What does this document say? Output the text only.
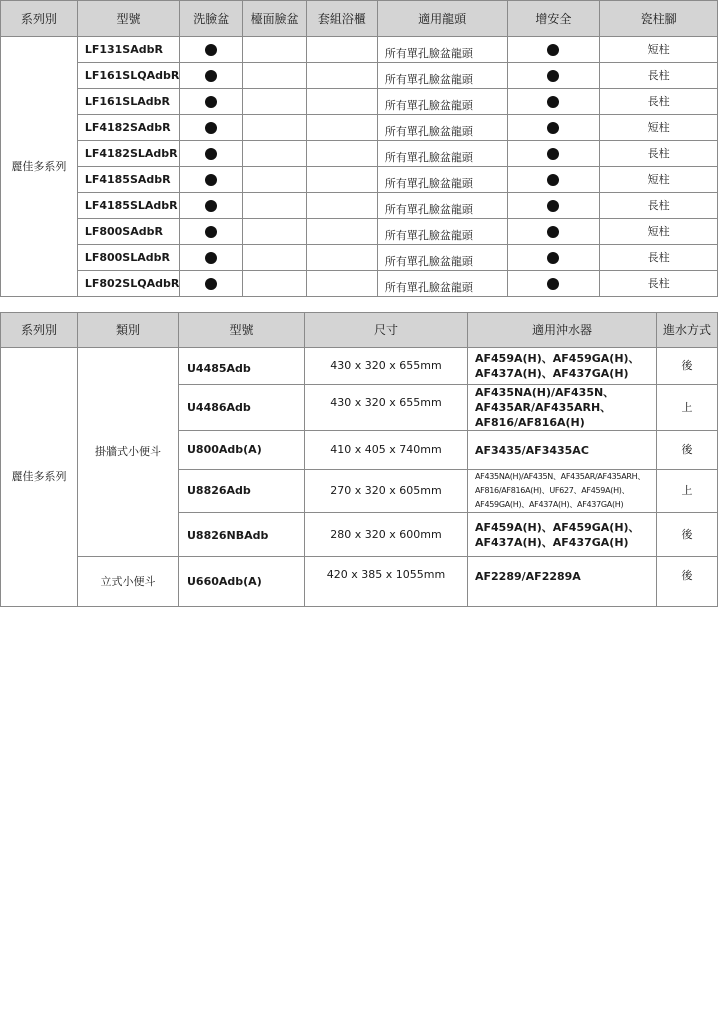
系列別	型號	洗臉盆	檯面臉盆	套組浴櫃	適用龍頭	增安全	瓷柱腳
麗佳多系列	LF131SAdbR				所有單孔臉盆龍頭		短柱
	LF161SLQAdbR				所有單孔臉盆龍頭		長柱
	LF161SLAdbR				所有單孔臉盆龍頭		長柱
	LF4182SAdbR				所有單孔臉盆龍頭		短柱
	LF4182SLAdbR				所有單孔臉盆龍頭		長柱
	LF4185SAdbR				所有單孔臉盆龍頭		短柱
	LF4185SLAdbR				所有單孔臉盆龍頭		長柱
	LF800SAdbR				所有單孔臉盆龍頭		短柱
	LF800SLAdbR				所有單孔臉盆龍頭		長柱
	LF802SLQAdbR				所有單孔臉盆龍頭		長柱
系列別	類別	型號	尺寸	適用沖水器	進水方式
麗佳多系列	掛牆式小便斗	U4485Adb	430 x 320 x 655mm	AF459A(H)、AF459GA(H)、
AF437A(H)、AF437GA(H)	後
		U4486Adb	430 x 320 x 655mm	AF435NA(H)/AF435N、
AF435AR/AF435ARH、
AF816/AF816A(H)	上
		U800Adb(A)	410 x 405 x 740mm	AF3435/AF3435AC	後
		U8826Adb	270 x 320 x 605mm	AF435NA(H)/AF435N、AF435AR/AF435ARH、
AF816/AF816A(H)、UF627、AF459A(H)、
AF459GA(H)、AF437A(H)、AF437GA(H)	上
		U8826NBAdb	280 x 320 x 600mm	AF459A(H)、AF459GA(H)、
AF437A(H)、AF437GA(H)	後
	立式小便斗	U660Adb(A)	420 x 385 x 1055mm	AF2289/AF2289A	後
